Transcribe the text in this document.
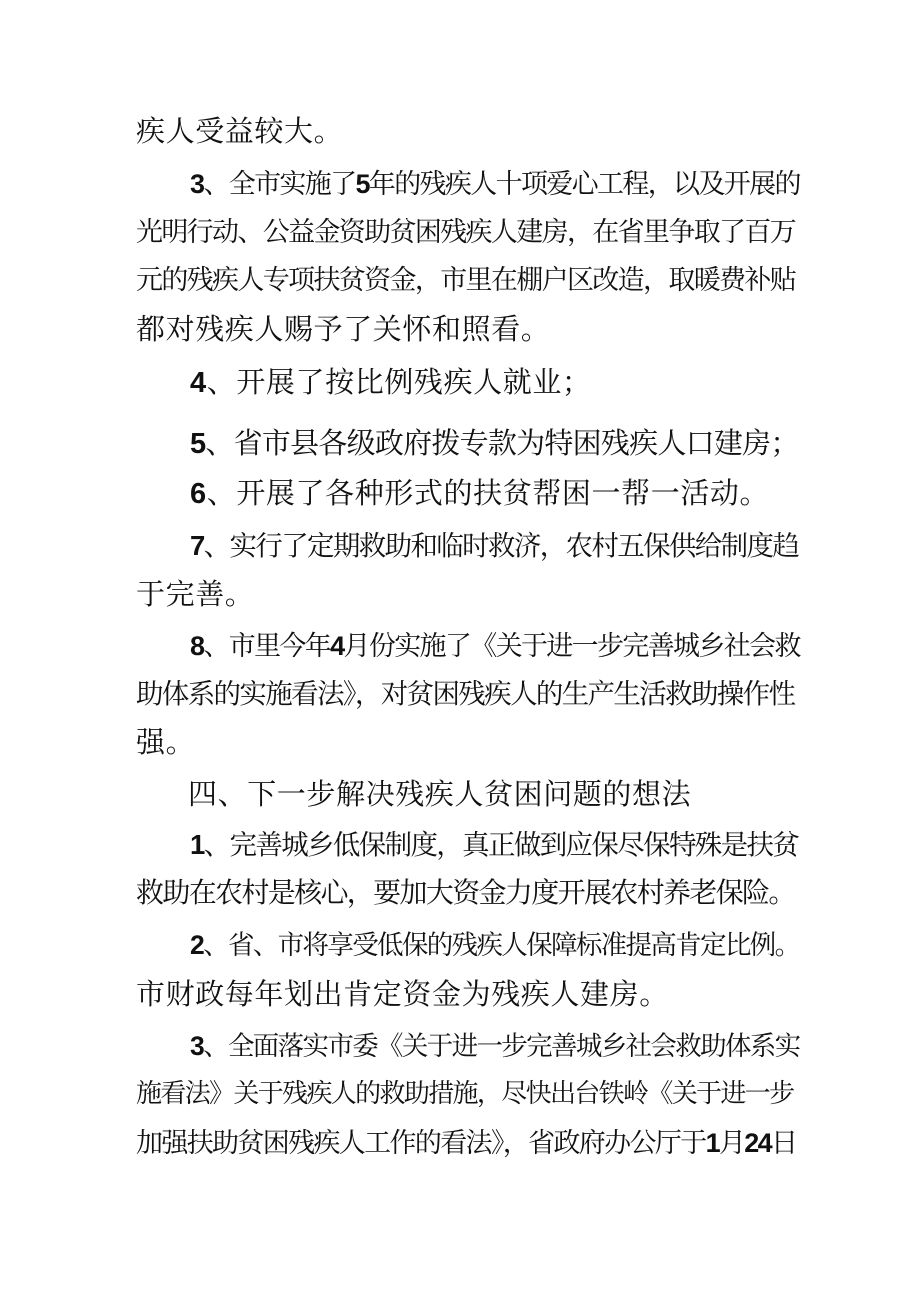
疾人受益较大。
3、全市实施了5年的残疾人十项爱心工程，以及开展的
光明行动、公益金资助贫困残疾人建房，在省里争取了百万
元的残疾人专项扶贫资金，市里在棚户区改造，取暖费补贴
都对残疾人赐予了关怀和照看。
4、开展了按比例残疾人就业；
5、省市县各级政府拨专款为特困残疾人口建房；
6、开展了各种形式的扶贫帮困一帮一活动。
7、实行了定期救助和临时救济，农村五保供给制度趋
于完善。
8、市里今年4月份实施了《关于进一步完善城乡社会救
助体系的实施看法》，对贫困残疾人的生产生活救助操作性
强。
四、下一步解决残疾人贫困问题的想法
1、完善城乡低保制度，真正做到应保尽保特殊是扶贫
救助在农村是核心，要加大资金力度开展农村养老保险。
2、省、市将享受低保的残疾人保障标准提高肯定比例。
市财政每年划出肯定资金为残疾人建房。
3、全面落实市委《关于进一步完善城乡社会救助体系实
施看法》关于残疾人的救助措施，尽快出台铁岭《关于进一步
加强扶助贫困残疾人工作的看法》，省政府办公厅于1月24日
